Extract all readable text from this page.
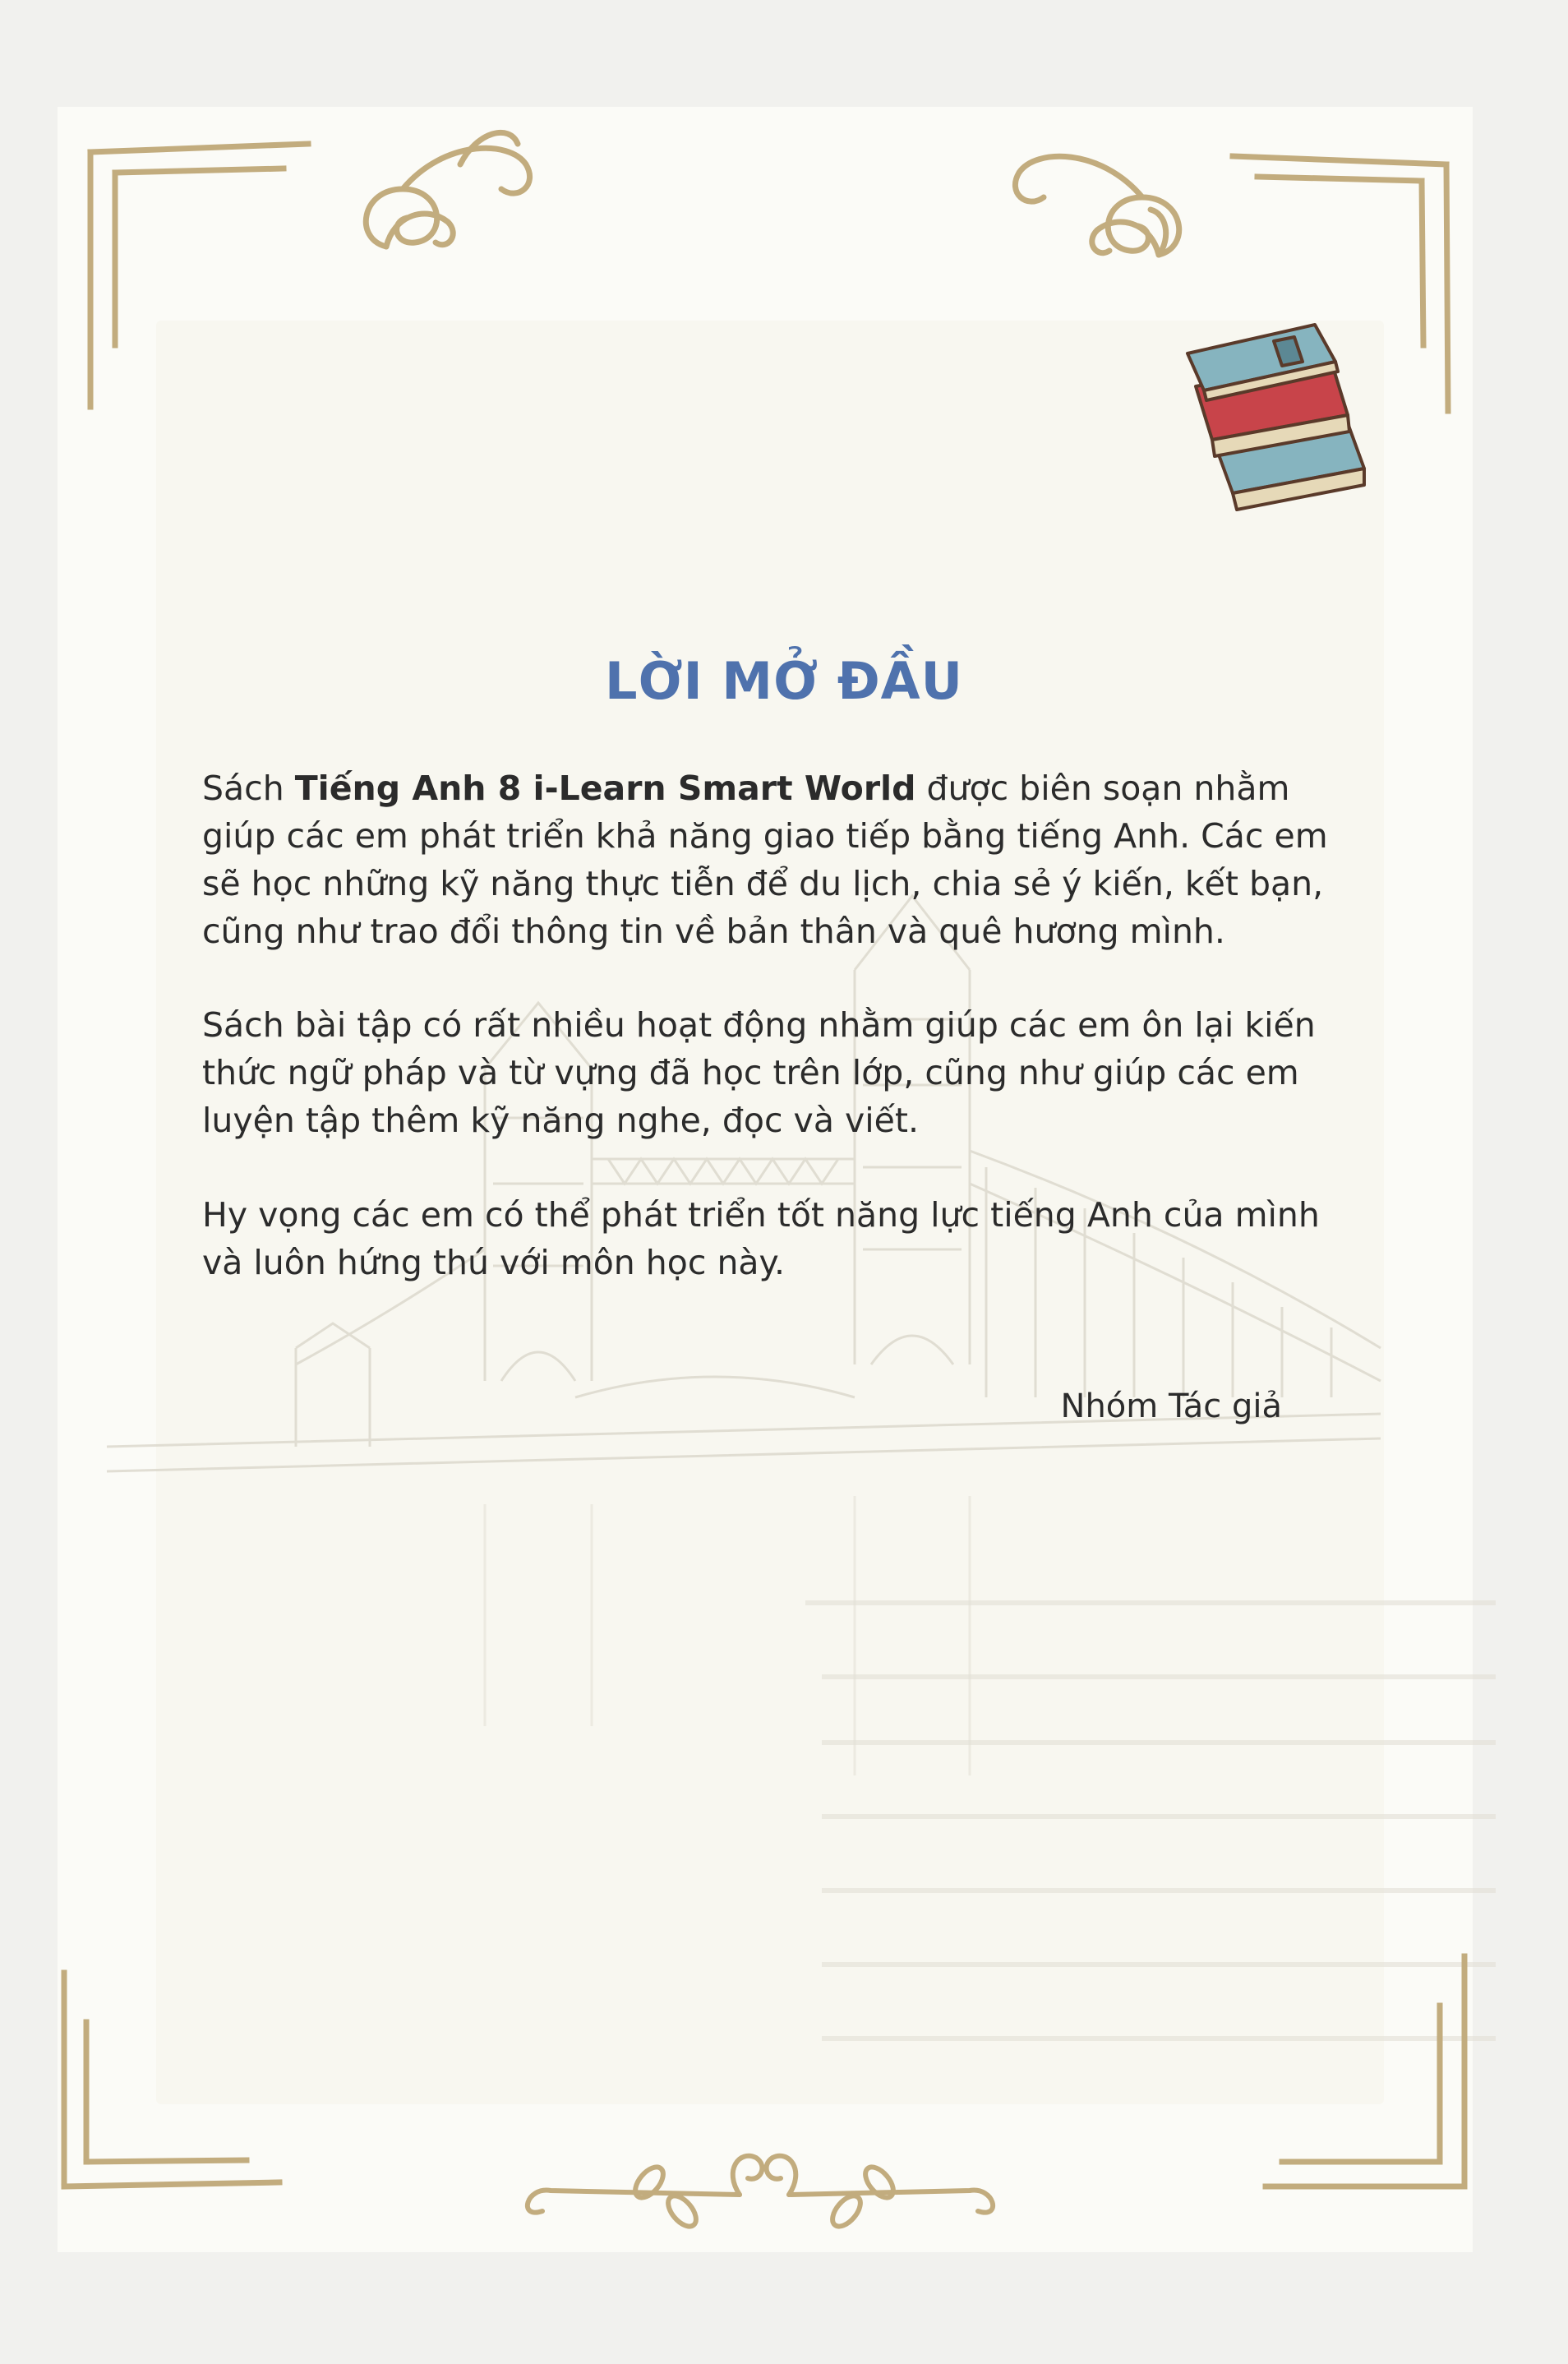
LỜI MỞ ĐẦU
Sách Tiếng Anh 8 i-Learn Smart World được biên soạn nhằm giúp các em phát triển khả năng giao tiếp bằng tiếng Anh. Các em sẽ học những kỹ năng thực tiễn để du lịch, chia sẻ ý kiến, kết bạn, cũng như trao đổi thông tin về bản thân và quê hương mình.
Sách bài tập có rất nhiều hoạt động nhằm giúp các em ôn lại kiến thức ngữ pháp và từ vựng đã học trên lớp, cũng như giúp các em luyện tập thêm kỹ năng nghe, đọc và viết.
Hy vọng các em có thể phát triển tốt năng lực tiếng Anh của mình và luôn hứng thú với môn học này.
Nhóm Tác giả
